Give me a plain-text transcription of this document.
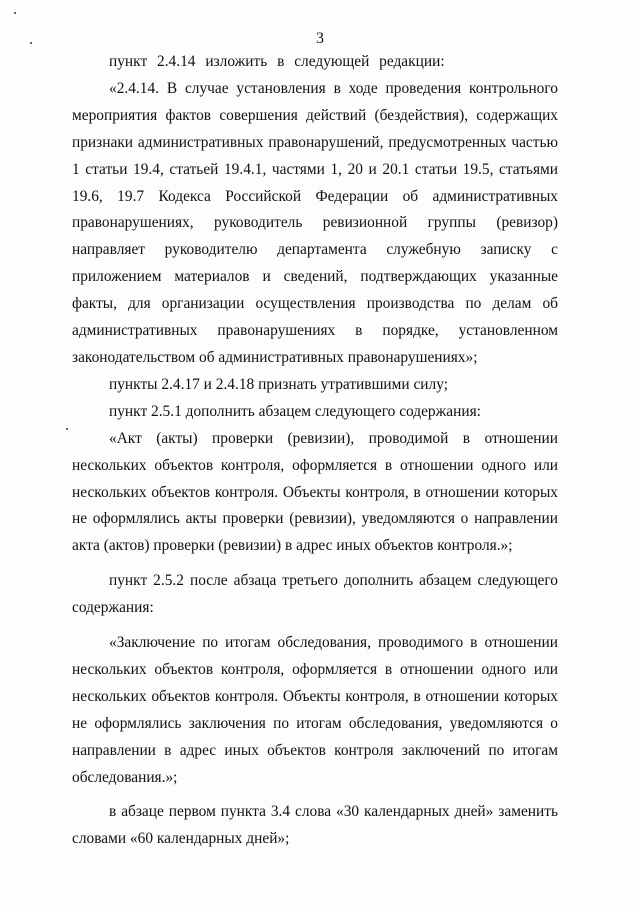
3

пункт 2.4.14 изложить в следующей редакции:

«2.4.14. В случае установления в ходе проведения контрольного мероприятия фактов совершения действий (бездействия), содержащих признаки административных правонарушений, предусмотренных частью 1 статьи 19.4, статьей 19.4.1, частями 1, 20 и 20.1 статьи 19.5, статьями 19.6, 19.7 Кодекса Российской Федерации об административных правонарушениях, руководитель ревизионной группы (ревизор) направляет руководителю департамента служебную записку с приложением материалов и сведений, подтверждающих указанные факты, для организации осуществления производства по делам об административных правонарушениях в порядке, установленном законодательством об административных правонарушениях»;

пункты 2.4.17 и 2.4.18 признать утратившими силу;

пункт 2.5.1 дополнить абзацем следующего содержания:

«Акт (акты) проверки (ревизии), проводимой в отношении нескольких объектов контроля, оформляется в отношении одного или нескольких объектов контроля. Объекты контроля, в отношении которых не оформлялись акты проверки (ревизии), уведомляются о направлении акта (актов) проверки (ревизии) в адрес иных объектов контроля.»;

пункт 2.5.2 после абзаца третьего дополнить абзацем следующего содержания:

«Заключение по итогам обследования, проводимого в отношении нескольких объектов контроля, оформляется в отношении одного или нескольких объектов контроля. Объекты контроля, в отношении которых не оформлялись заключения по итогам обследования, уведомляются о направлении в адрес иных объектов контроля заключений по итогам обследования.»;

в абзаце первом пункта 3.4 слова «30 календарных дней» заменить словами «60 календарных дней»;
